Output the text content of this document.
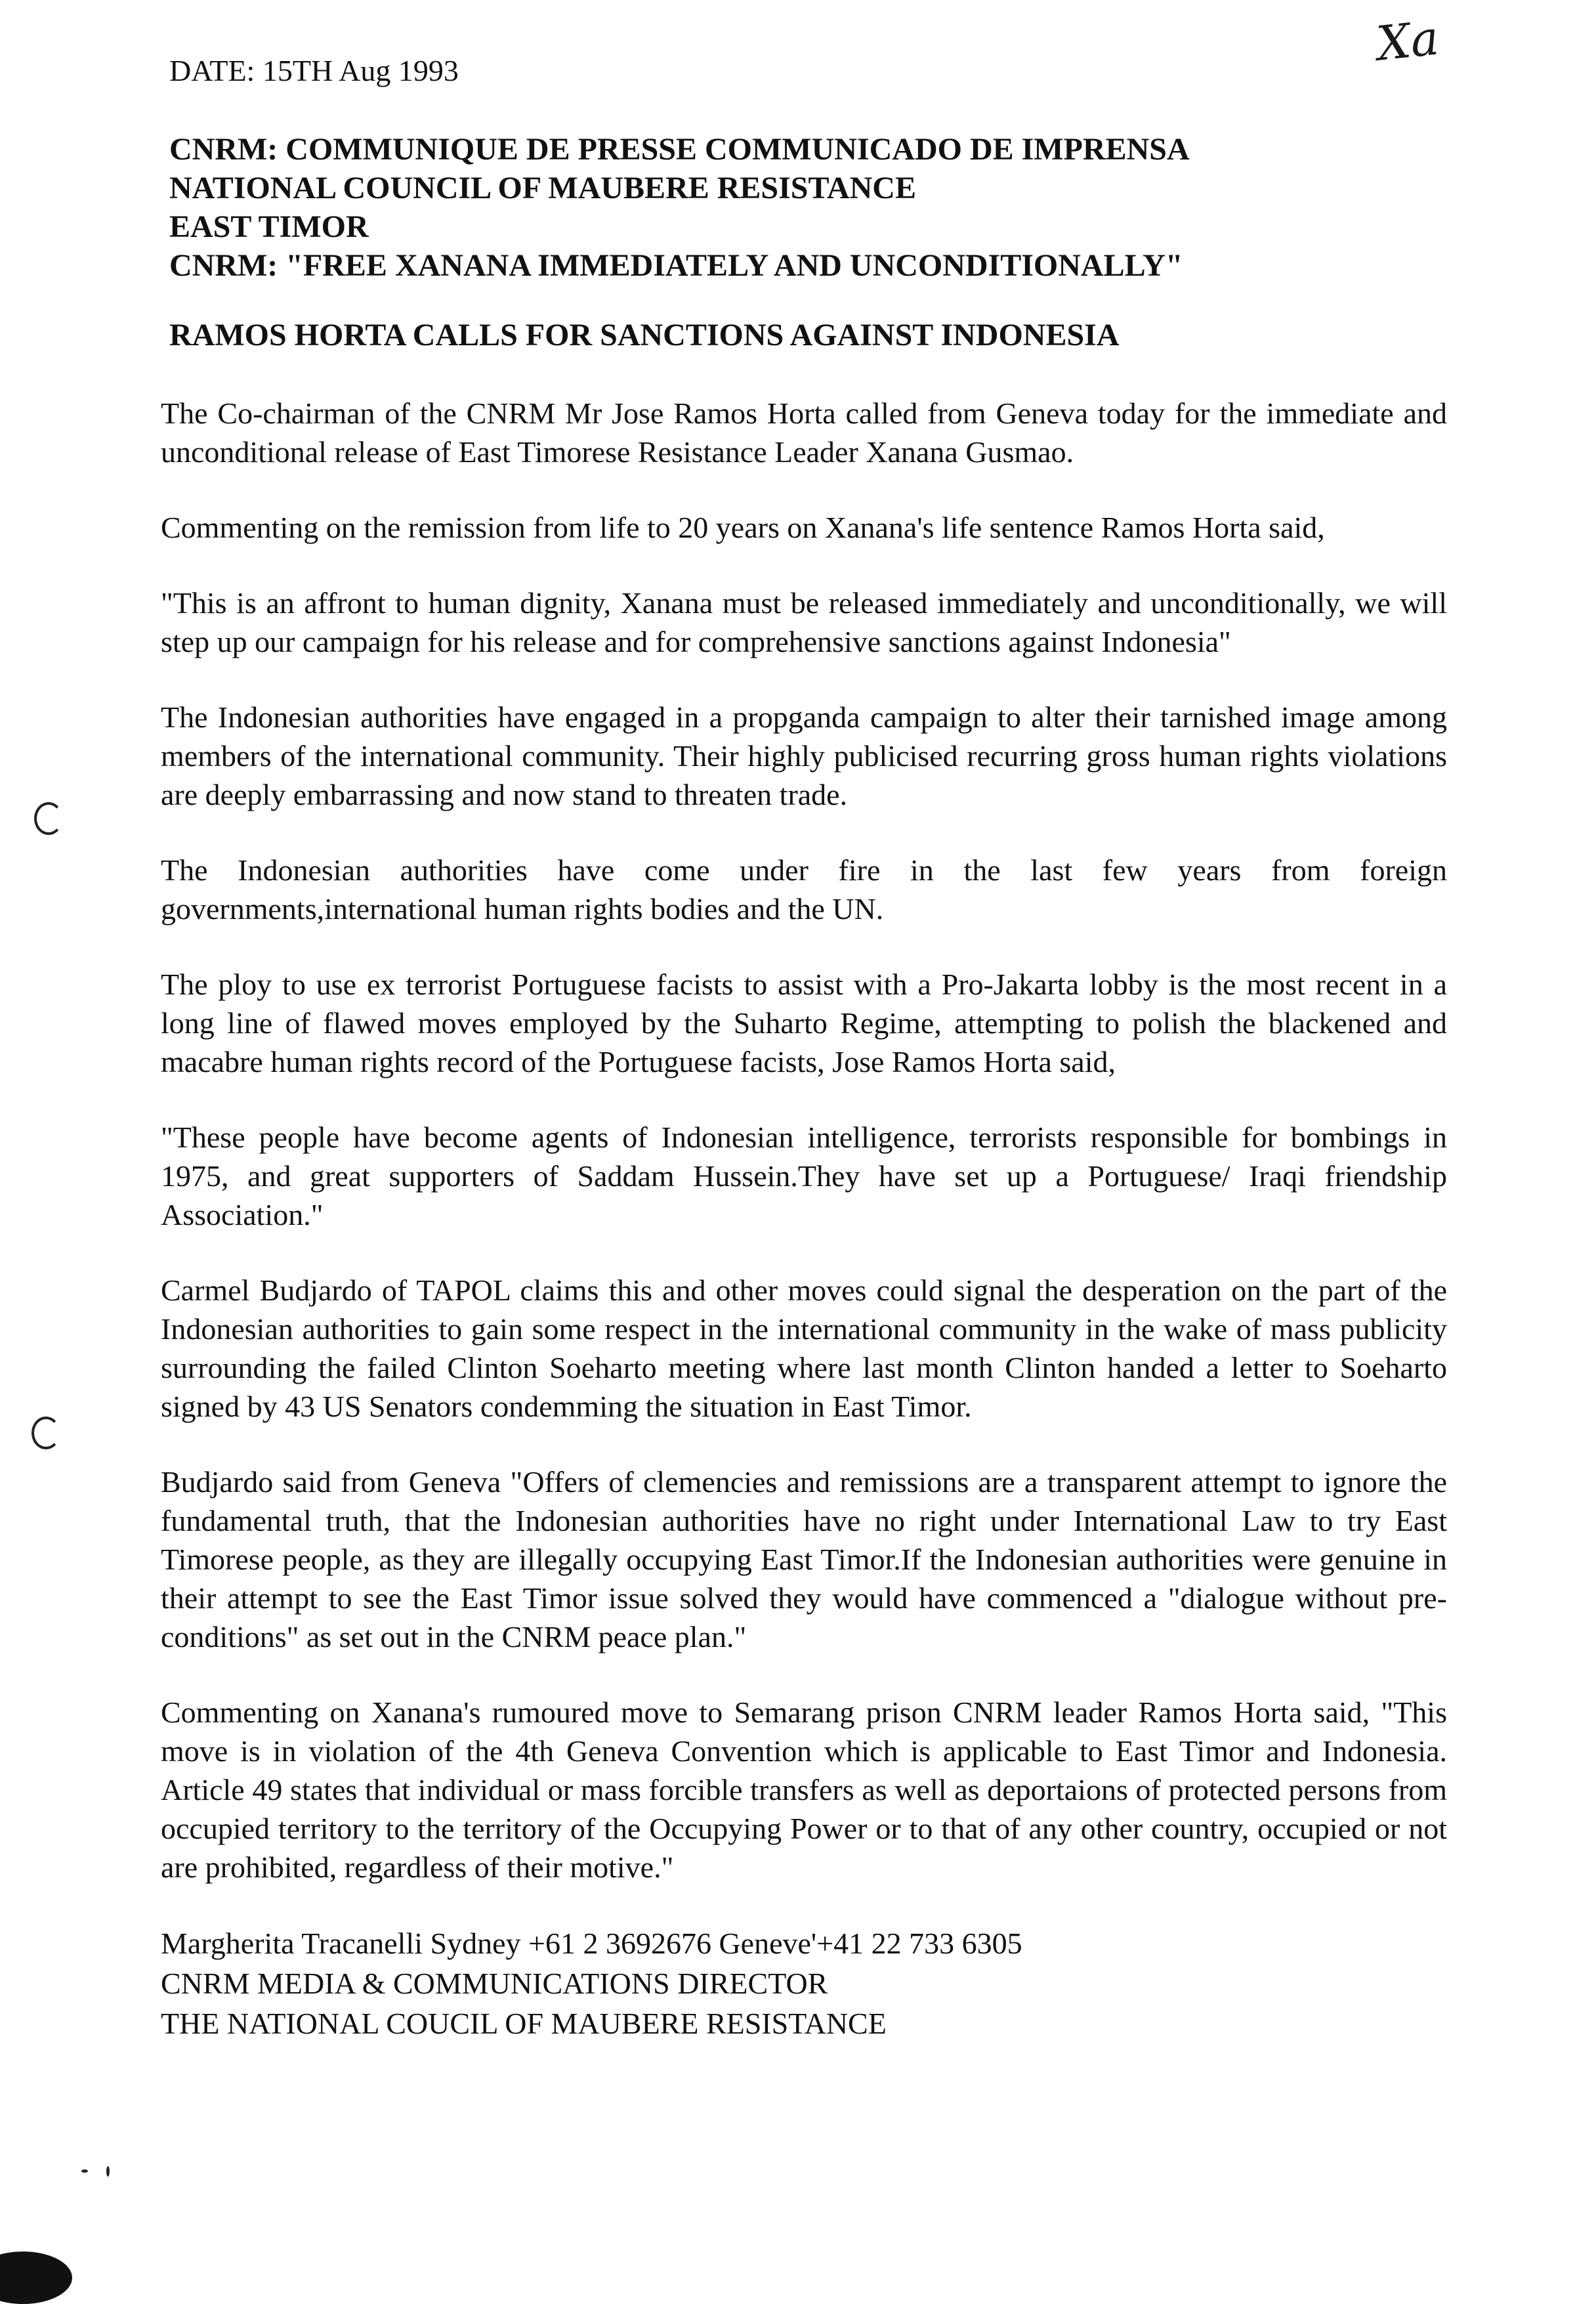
Xa
DATE: 15TH Aug 1993
CNRM: COMMUNIQUE DE PRESSE COMMUNICADO DE IMPRENSA
NATIONAL COUNCIL OF MAUBERE RESISTANCE
EAST TIMOR
CNRM: "FREE XANANA IMMEDIATELY AND UNCONDITIONALLY"
RAMOS HORTA CALLS FOR SANCTIONS AGAINST INDONESIA

The Co-chairman of the CNRM Mr Jose Ramos Horta called from Geneva today for the immediate and unconditional release of East Timorese Resistance Leader Xanana Gusmao.

Commenting on the remission from life to 20 years on Xanana's life sentence Ramos Horta said,

"This is an affront to human dignity, Xanana must be released immediately and unconditionally, we will step up our campaign for his release and for comprehensive sanctions against Indonesia"

The Indonesian authorities have engaged in a propganda campaign to alter their tarnished image among members of the international community. Their highly publicised recurring gross human rights violations are deeply embarrassing and now stand to threaten trade.

The Indonesian authorities have come under fire in the last few years from foreign governments,international human rights bodies and the UN.

The ploy to use ex terrorist Portuguese facists to assist with a Pro-Jakarta lobby is the most recent in a long line of flawed moves employed by the Suharto Regime, attempting to polish the blackened and macabre human rights record of the Portuguese facists, Jose Ramos Horta said,

"These people have become agents of Indonesian intelligence, terrorists responsible for bombings in 1975, and great supporters of Saddam Hussein.They have set up a Portuguese/ Iraqi friendship Association."

Carmel Budjardo of TAPOL claims this and other moves could signal the desperation on the part of the Indonesian authorities to gain some respect in the international community in the wake of mass publicity surrounding the failed Clinton Soeharto meeting where last month Clinton handed a letter to Soeharto signed by 43 US Senators condemming the situation in East Timor.

Budjardo said from Geneva "Offers of clemencies and remissions are a transparent attempt to ignore the fundamental truth, that the Indonesian authorities have no right under International Law to try East Timorese people, as they are illegally occupying East Timor.If the Indonesian authorities were genuine in their attempt to see the East Timor issue solved they would have commenced a "dialogue without pre-conditions" as set out in the CNRM peace plan."

Commenting on Xanana's rumoured move to Semarang prison CNRM leader Ramos Horta said, "This move is in violation of the 4th Geneva Convention which is applicable to East Timor and Indonesia. Article 49 states that individual or mass forcible transfers as well as deportaions of protected persons from occupied territory to the territory of the Occupying Power or to that of any other country, occupied or not are prohibited, regardless of their motive."

Margherita Tracanelli Sydney +61 2 3692676 Geneve'+41 22 733 6305
CNRM MEDIA & COMMUNICATIONS DIRECTOR
THE NATIONAL COUCIL OF MAUBERE RESISTANCE
